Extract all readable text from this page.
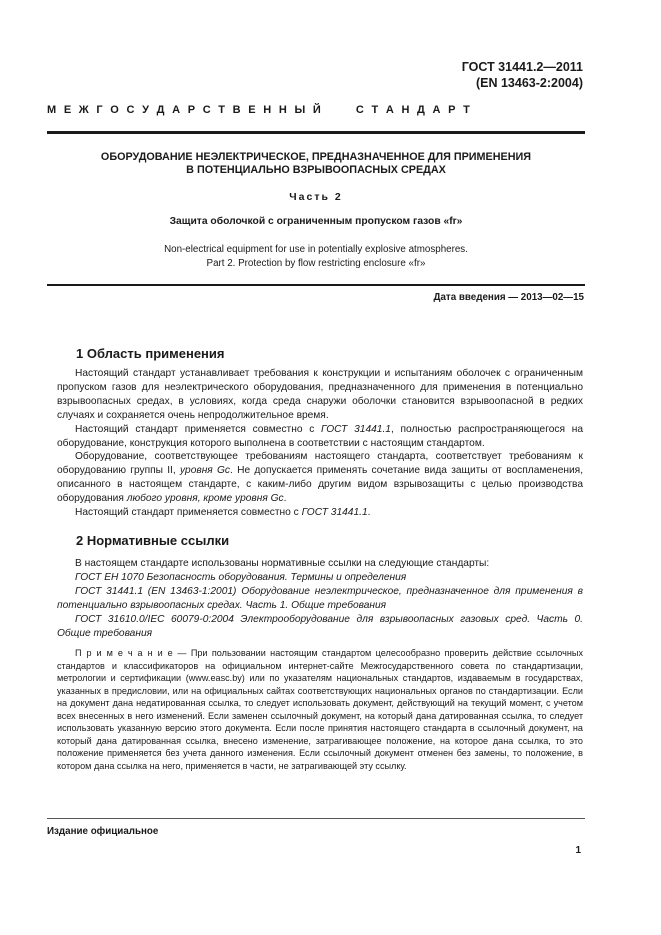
ГОСТ 31441.2—2011
(EN 13463-2:2004)
М Е Ж Г О С У Д А Р С Т В Е Н Н Ы Й     С Т А Н Д А Р Т
ОБОРУДОВАНИЕ НЕЭЛЕКТРИЧЕСКОЕ, ПРЕДНАЗНАЧЕННОЕ ДЛЯ ПРИМЕНЕНИЯ
В ПОТЕНЦИАЛЬНО ВЗРЫВООПАСНЫХ СРЕДАХ
Часть 2
Защита оболочкой с ограниченным пропуском газов «fr»
Non-electrical equipment for use in potentially explosive atmospheres.
Part 2. Protection by flow restricting enclosure «fr»
Дата введения — 2013—02—15
1 Область применения

Настоящий стандарт устанавливает требования к конструкции и испытаниям оболочек с ограниченным пропуском газов для неэлектрического оборудования, предназначенного для применения в потенциально взрывоопасных средах, в условиях, когда среда снаружи оболочки становится взрывоопасной в редких случаях и сохраняется очень непродолжительное время.

Настоящий стандарт применяется совместно с ГОСТ 31441.1, полностью распространяющегося на оборудование, конструкция которого выполнена в соответствии с настоящим стандартом.

Оборудование, соответствующее требованиям настоящего стандарта, соответствует требованиям к оборудованию группы II, уровня Gc. Не допускается применять сочетание вида защиты от воспламенения, описанного в настоящем стандарте, с каким-либо другим видом взрывозащиты с целью производства оборудования любого уровня, кроме уровня Gc.

Настоящий стандарт применяется совместно с ГОСТ 31441.1.

2 Нормативные ссылки

В настоящем стандарте использованы нормативные ссылки на следующие стандарты:

ГОСТ ЕН 1070 Безопасность оборудования. Термины и определения

ГОСТ 31441.1 (EN 13463-1:2001) Оборудование неэлектрическое, предназначенное для применения в потенциально взрывоопасных средах. Часть 1. Общие требования

ГОСТ 31610.0/IEC 60079-0:2004 Электрооборудование для взрывоопасных газовых сред. Часть 0. Общие требования

П р и м е ч а н и е — При пользовании настоящим стандартом целесообразно проверить действие ссылочных стандартов и классификаторов на официальном интернет-сайте Межгосударственного совета по стандартизации, метрологии и сертификации (www.easc.by) или по указателям национальных стандартов, издаваемым в государствах, указанных в предисловии, или на официальных сайтах соответствующих национальных органов по стандартизации. Если на документ дана недатированная ссылка, то следует использовать документ, действующий на текущий момент, с учетом всех внесенных в него изменений. Если заменен ссылочный документ, на который дана датированная ссылка, то следует использовать указанную версию этого документа. Если после принятия настоящего стандарта в ссылочный документ, на который дана датированная ссылка, внесено изменение, затрагивающее положение, на которое дана ссылка, то это положение применяется без учета данного изменения. Если ссылочный документ отменен без замены, то положение, в котором дана ссылка на него, применяется в части, не затрагивающей эту ссылку.

Издание официальное
1
